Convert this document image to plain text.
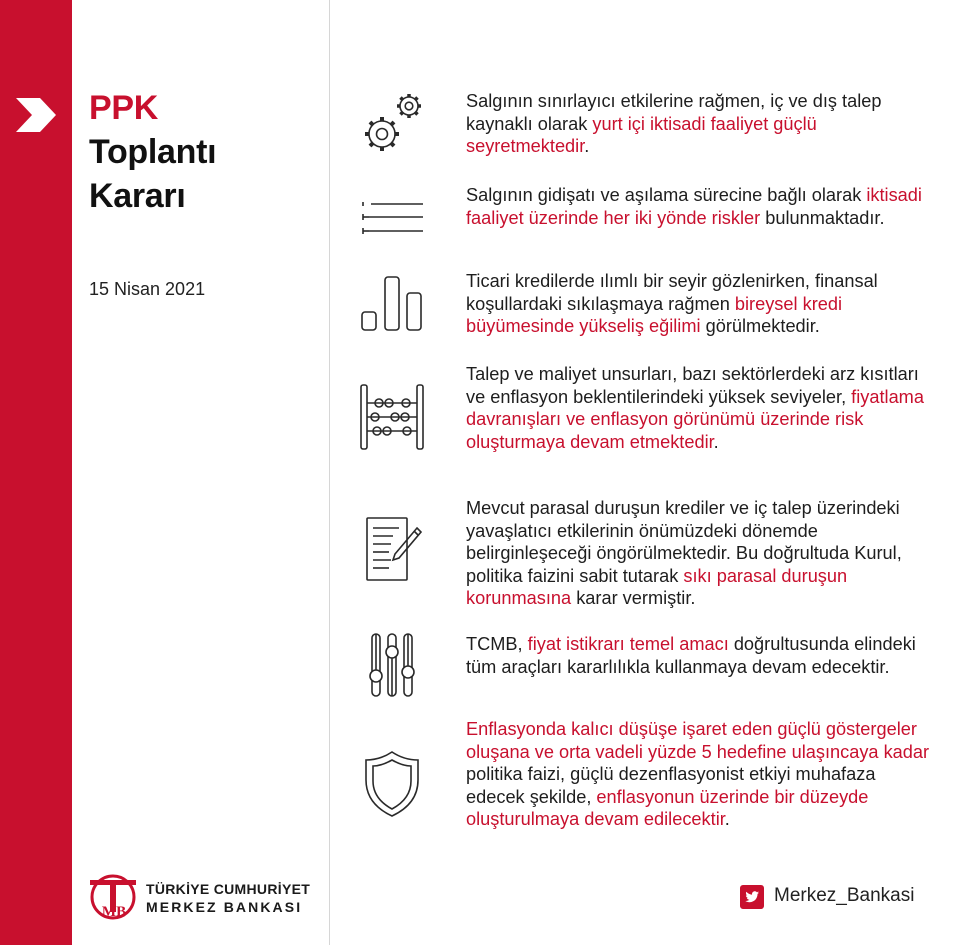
PPK
Toplantı
Kararı
15 Nisan 2021
Salgının sınırlayıcı etkilerine rağmen, iç ve dış talep kaynaklı olarak yurt içi iktisadi faaliyet güçlü seyretmektedir.
Salgının gidişatı ve aşılama sürecine bağlı olarak iktisadi faaliyet üzerinde her iki yönde riskler bulunmaktadır.
Ticari kredilerde ılımlı bir seyir gözlenirken, finansal koşullardaki sıkılaşmaya rağmen bireysel kredi büyümesinde yükseliş eğilimi görülmektedir.
Talep ve maliyet unsurları, bazı sektörlerdeki arz kısıtları ve enflasyon beklentilerindeki yüksek seviyeler, fiyatlama davranışları ve enflasyon görünümü üzerinde risk oluşturmaya devam etmektedir.
Mevcut parasal duruşun krediler ve iç talep üzerindeki yavaşlatıcı etkilerinin önümüzdeki dönemde belirginleşeceği öngörülmektedir. Bu doğrultuda Kurul, politika faizini sabit tutarak sıkı parasal duruşun korunmasına karar vermiştir.
TCMB, fiyat istikrarı temel amacı doğrultusunda elindeki tüm araçları kararlılıkla kullanmaya devam edecektir.
Enflasyonda kalıcı düşüşe işaret eden güçlü göstergeler oluşana ve orta vadeli yüzde 5 hedefine ulaşıncaya kadar politika faizi, güçlü dezenflasyonist etkiyi muhafaza edecek şekilde, enflasyonun üzerinde bir düzeyde oluşturulmaya devam edilecektir.
MB
TÜRKİYE CUMHURİYET
MERKEZ BANKASI
Merkez_Bankasi
